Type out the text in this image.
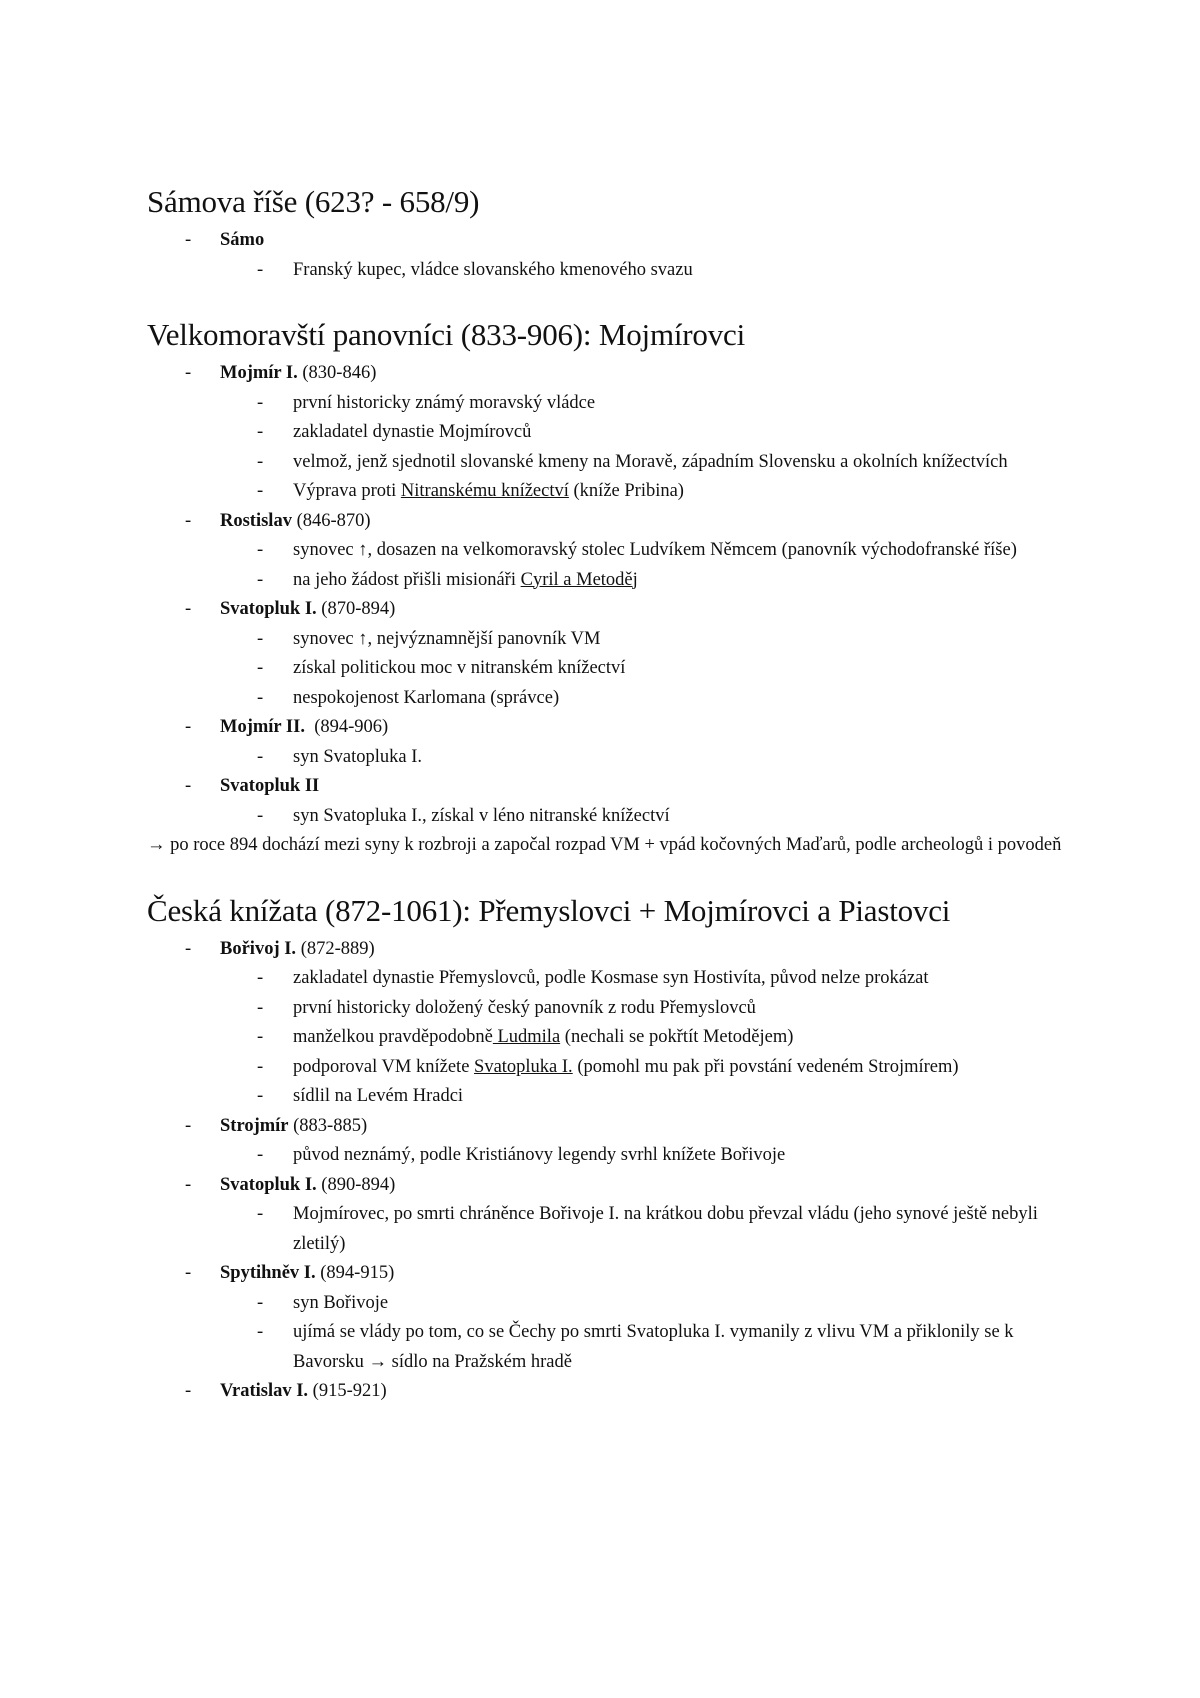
Sámova říše (623? - 658/9)
- Sámo
- Franský kupec, vládce slovanského kmenového svazu
Velkomoravští panovníci (833-906): Mojmírovci
- Mojmír I. (830-846)
- první historicky známý moravský vládce
- zakladatel dynastie Mojmírovců
- velmož, jenž sjednotil slovanské kmeny na Moravě, západním Slovensku a okolních knížectvích
- Výprava proti Nitranskému knížectví (kníže Pribina)
- Rostislav (846-870)
- synovec ↑, dosazen na velkomoravský stolec Ludvíkem Němcem (panovník východofranské říše)
- na jeho žádost přišli misionáři Cyril a Metoděj
- Svatopluk I. (870-894)
- synovec ↑, nejvýznamnější panovník VM
- získal politickou moc v nitranském knížectví
- nespokojenost Karlomana (správce)
- Mojmír II.  (894-906)
- syn Svatopluka I.
- Svatopluk II
- syn Svatopluka I., získal v léno nitranské knížectví

→ po roce 894 dochází mezi syny k rozbroji a započal rozpad VM + vpád kočovných Maďarů, podle archeologů i povodeň

Česká knížata (872-1061): Přemyslovci + Mojmírovci a Piastovci
- Bořivoj I. (872-889)
- zakladatel dynastie Přemyslovců, podle Kosmase syn Hostivíta, původ nelze prokázat
- první historicky doložený český panovník z rodu Přemyslovců
- manželkou pravděpodobně Ludmila (nechali se pokřtít Metodějem)
- podporoval VM knížete Svatopluka I. (pomohl mu pak při povstání vedeném Strojmírem)
- sídlil na Levém Hradci
- Strojmír (883-885)
- původ neznámý, podle Kristiánovy legendy svrhl knížete Bořivoje
- Svatopluk I. (890-894)
- Mojmírovec, po smrti chráněnce Bořivoje I. na krátkou dobu převzal vládu (jeho synové ještě nebyli zletilý)
- Spytihněv I. (894-915)
- syn Bořivoje
- ujímá se vlády po tom, co se Čechy po smrti Svatopluka I. vymanily z vlivu VM a přiklonily se k Bavorsku → sídlo na Pražském hradě
- Vratislav I. (915-921)
